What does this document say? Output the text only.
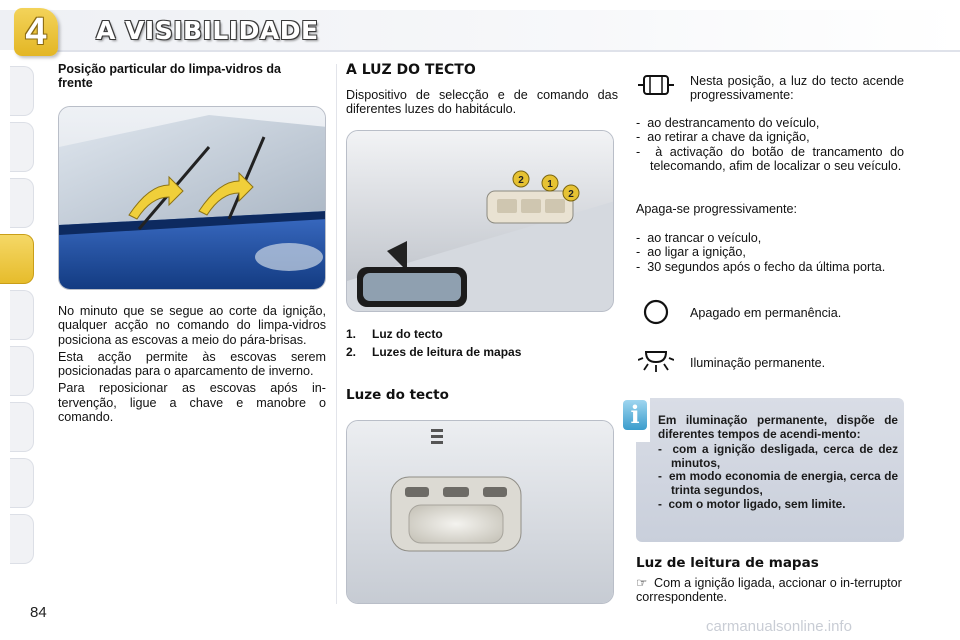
4 A VISIBILIDADE
84
Posição particular do limpa-vidros da frente

No minuto que se segue ao corte da ignição, qualquer acção no comando do limpa-vidros posiciona as escovas a meio do pára-brisas.

Esta acção permite às escovas serem posicionadas para o aparcamento de inverno.

Para reposicionar as escovas após in-tervenção, ligue a chave e manobre o comando.

A LUZ DO TECTO
Dispositivo de selecção e de comando das diferentes luzes do habitáculo.
2 1
2
1. Luz do tecto
2. Luzes de leitura de mapas
Luze do tecto
Nesta posição, a luz do tecto acende progressivamente:
- ao destrancamento do veículo,
- ao retirar a chave da ignição,
- à activação do botão de trancamento do telecomando, afim de localizar o seu veículo.
Apaga-se progressivamente:
- ao trancar o veículo,
- ao ligar a ignição,
- 30 segundos após o fecho da última porta.
Apagado em permanência.
Iluminação permanente.
i	Em iluminação permanente, dispõe de diferentes tempos de acendi-mento:
- com a ignição desligada, cerca de dez minutos,
- em modo economia de energia, cerca de trinta segundos,
- com o motor ligado, sem limite.
Luz de leitura de mapas
☞ Com a ignição ligada, accionar o in-terruptor correspondente.
carmanualsonline.info
